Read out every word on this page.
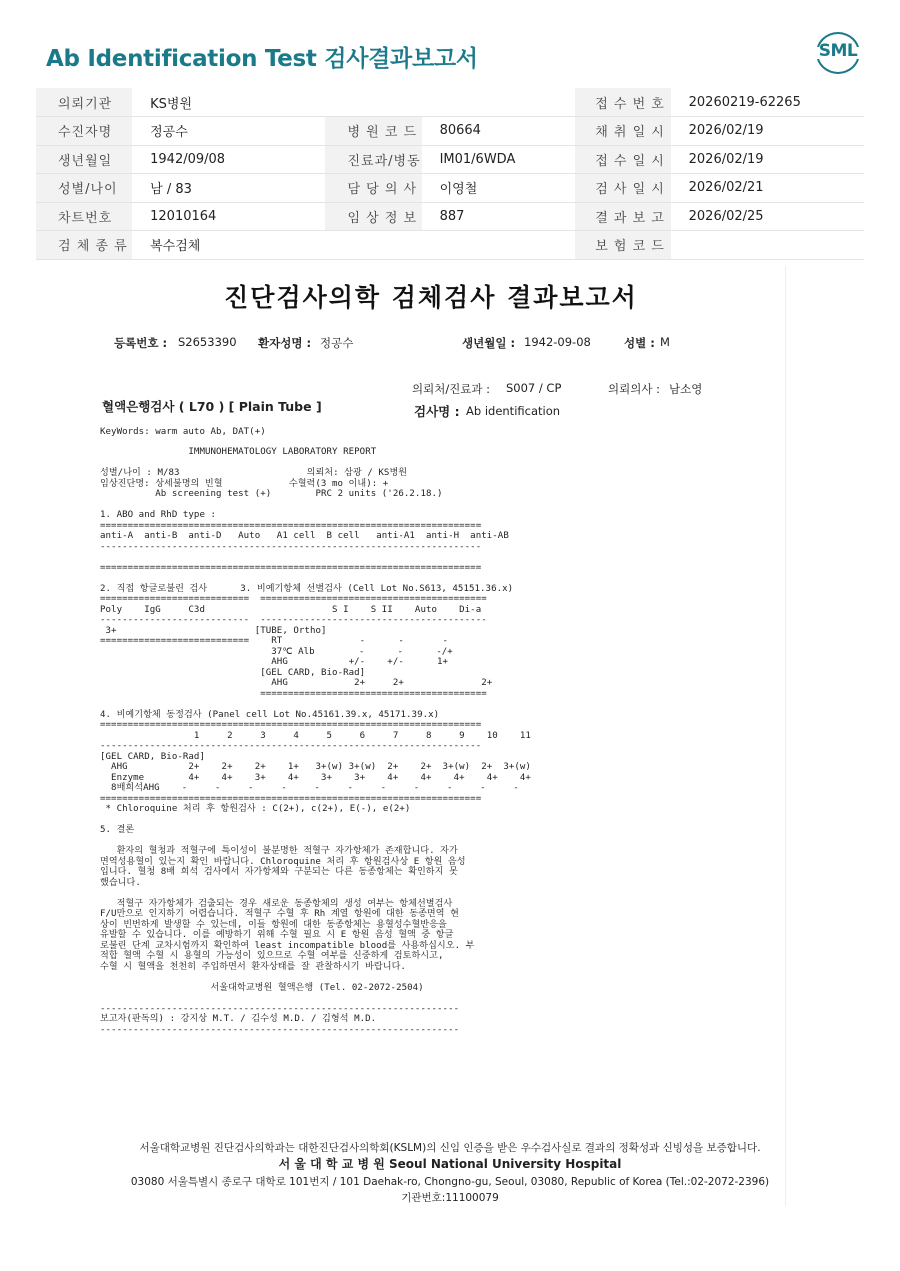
Ab Identification Test 검사결과보고서	SML
의뢰기관	KS병원			접 수 번 호	20260219-62265
수진자명	정공수	병 원 코 드	80664	채 취 일 시	2026/02/19
생년월일	1942/09/08	진료과/병동	IM01/6WDA	접 수 일 시	2026/02/19
성별/나이	남 / 83	담 당 의 사	이영철	검 사 일 시	2026/02/21
차트번호	12010164	임 상 정 보	887	결 과 보 고	2026/02/25
검 체 종 류	복수검체			보 험 코 드	
진단검사의학 검체검사 결과보고서
등록번호 : S2653390 환자성명 : 정공수	생년월일 : 1942-09-08	성별 : M
의뢰처/진료과 : S007 / CP	의뢰의사 : 남소영
혈액은행검사 ( L70 ) [ Plain Tube ]	검사명 : Ab identification
KeyWords: warm auto Ab, DAT(+)
IMMUNOHEMATOLOGY LABORATORY REPORT
성별/나이 : M/83                       의뢰처: 삼광 / KS병원
임상진단명: 상세불명의 빈혈            수혈력(3 mo 이내): +
Ab screening test (+)        PRC 2 units ('26.2.18.)
1. ABO and RhD type :
=====================================================================
anti-A  anti-B  anti-D   Auto   A1 cell  B cell   anti-A1  anti-H  anti-AB
---------------------------------------------------------------------
=====================================================================
2. 직접 항글로불린 검사      3. 비예기항체 선별검사 (Cell Lot No.S613, 45151.36.x)
===========================  =========================================
Poly    IgG     C3d                       S I    S II    Auto    Di-a
---------------------------  -----------------------------------------
3+                         [TUBE, Ortho]
===========================    RT              -      -       -
37℃ Alb        -      -      -/+
AHG           +/-    +/-      1+
[GEL CARD, Bio-Rad]
AHG            2+     2+              2+
=========================================
4. 비예기항체 동정검사 (Panel cell Lot No.45161.39.x, 45171.39.x)
=====================================================================
1     2     3     4     5     6     7     8     9    10    11
---------------------------------------------------------------------
[GEL CARD, Bio-Rad]
AHG           2+    2+    2+    1+   3+(w) 3+(w)  2+    2+  3+(w)  2+  3+(w)
Enzyme        4+    4+    3+    4+    3+    3+    4+    4+    4+    4+    4+
8배희석AHG    -     -     -     -     -     -     -     -     -     -     -
=====================================================================
* Chloroquine 처리 후 항원검사 : C(2+), c(2+), E(-), e(2+)
5. 결론
환자의 혈청과 적혈구에 특이성이 불분명한 적혈구 자가항체가 존재합니다. 자가
면역성용혈이 있는지 확인 바랍니다. Chloroquine 처리 후 항원검사상 E 항원 음성
입니다. 혈청 8배 희석 검사에서 자가항체와 구분되는 다른 동종항체는 확인하지 못
했습니다.
적혈구 자가항체가 검출되는 경우 새로운 동종항체의 생성 여부는 항체선별검사
F/U만으로 인지하기 어렵습니다. 적혈구 수혈 후 Rh 계열 항원에 대한 동종면역 현
상이 빈번하게 발생할 수 있는데, 이들 항원에 대한 동종항체는 용혈성수혈반응을
유발할 수 있습니다. 이를 예방하기 위해 수혈 필요 시 E 항원 음성 혈액 중 항글
로불린 단계 교차시험까지 확인하여 least incompatible blood를 사용하십시오. 부
적합 혈액 수혈 시 용혈의 가능성이 있으므로 수혈 여부를 신중하게 검토하시고,
수혈 시 혈액을 천천히 주입하면서 환자상태를 잘 관찰하시기 바랍니다.
서울대학교병원 혈액은행 (Tel. 02-2072-2504)
-----------------------------------------------------------------
보고자(판독의) : 강지상 M.T. / 김수성 M.D. / 김형석 M.D.
-----------------------------------------------------------------
서울대학교병원 진단검사의학과는 대한진단검사의학회(KSLM)의 신임 인증을 받은 우수검사실로 결과의 정확성과 신빙성을 보증합니다.
서 울 대 학 교 병 원 Seoul National University Hospital
03080 서울특별시 종로구 대학로 101번지 / 101 Daehak-ro, Chongno-gu, Seoul, 03080, Republic of Korea (Tel.:02-2072-2396)
기관번호:11100079
